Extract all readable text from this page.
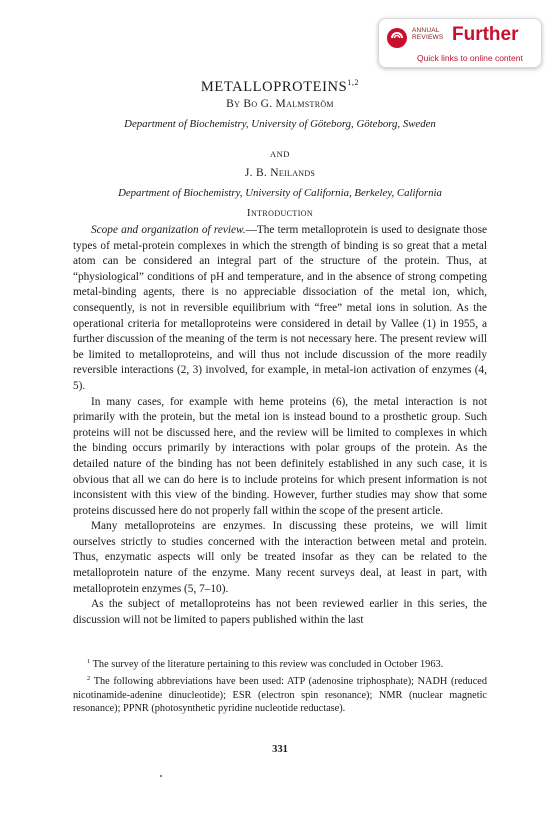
ANNUAL
REVIEWS Further
Quick links to online content
METALLOPROTEINS$^{1,2}$
By Bo G. Malmström
Department of Biochemistry, University of Göteborg, Göteborg, Sweden
AND
J. B. Neilands
Department of Biochemistry, University of California, Berkeley, California
Introduction

Scope and organization of review.—The term metalloprotein is used to designate those types of metal-protein complexes in which the strength of binding is so great that a metal atom can be considered an integral part of the structure of the protein. Thus, at “physiological” conditions of pH and temperature, and in the absence of strong competing metal-binding agents, there is no appreciable dissociation of the metal ion, which, consequently, is not in reversible equilibrium with “free” metal ions in solution. As the operational criteria for metalloproteins were considered in detail by Vallee (1) in 1955, a further discussion of the meaning of the term is not necessary here. The present review will be limited to metalloproteins, and will thus not include discussion of the more readily reversible interactions (2, 3) involved, for example, in metal-ion activation of enzymes (4, 5).

In many cases, for example with heme proteins (6), the metal interaction is not primarily with the protein, but the metal ion is instead bound to a prosthetic group. Such proteins will not be discussed here, and the review will be limited to complexes in which the binding occurs primarily by interactions with polar groups of the protein. As the detailed nature of the binding has not been definitely established in any such case, it is obvious that all we can do here is to include proteins for which present information is not inconsistent with this view of the binding. However, further studies may show that some proteins discussed here do not properly fall within the scope of the present article.

Many metalloproteins are enzymes. In discussing these proteins, we will limit ourselves strictly to studies concerned with the interaction between metal and protein. Thus, enzymatic aspects will only be treated insofar as they can be related to the metalloprotein nature of the enzyme. Many recent surveys deal, at least in part, with metalloprotein enzymes (5, 7–10).

As the subject of metalloproteins has not been reviewed earlier in this series, the discussion will not be limited to papers published within the last

$^1$ The survey of the literature pertaining to this review was concluded in October 1963.

$^2$ The following abbreviations have been used: ATP (adenosine triphosphate); NADH (reduced nicotinamide-adenine dinucleotide); ESR (electron spin resonance); NMR (nuclear magnetic resonance); PPNR (photosynthetic pyridine nucleotide reductase).

331
